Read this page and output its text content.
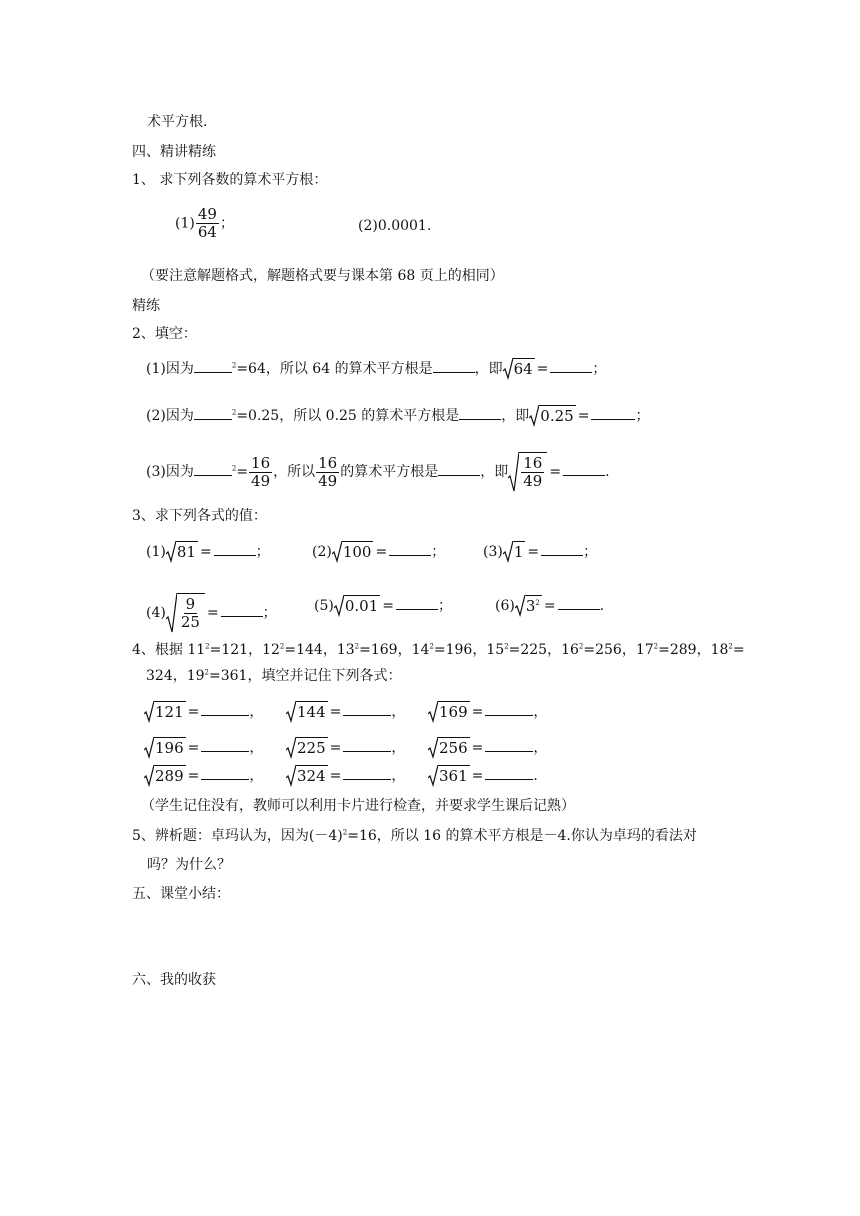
术平方根.
四、精讲精练
1、 求下列各数的算术平方根：
$(1) \frac{49}{64}$ ；	(2)0.0001.
（要注意解题格式，解题格式要与课本第 68 页上的相同）
精练
2、填空：
(1)因为	$^2$=64，所以 64 的算术平方根是	，即 64 =	；
(2)因为	$^2$=0.25，所以 0.25 的算术平方根是	，即 0.25 =	；
(3)因为	$^2= \frac{16}{49}$ ，所以 $\frac{16}{49}$ 的算术平方根是	，即 $\frac{16}{49}$ =	.
3、求下列各式的值：
(1) 81 =	；	(2) 100 =	；	(3) 1 =	；
$(4) \frac{9}{25}$ =	；	(5) 0.01 =	；	(6) $3^2$ =	.
4、根据 $11^2=121$，$12^2=144$，$13^2=169$，$14^2=196$，$15^2=225$，$16^2=256$，$17^2=289$，$18^2=$
324，$19^2=361$，填空并记住下列各式：
121 =	， 144 =	， 169 =	，
196 =	， 225 =	， 256 =	，
289 =	， 324 =	， 361 =	.
（学生记住没有，教师可以利用卡片进行检查，并要求学生课后记熟）
5、辨析题：卓玛认为，因为$(-4)^2=16$，所以 16 的算术平方根是－4.你认为卓玛的看法对
吗？为什么？
五、课堂小结：
六、我的收获
